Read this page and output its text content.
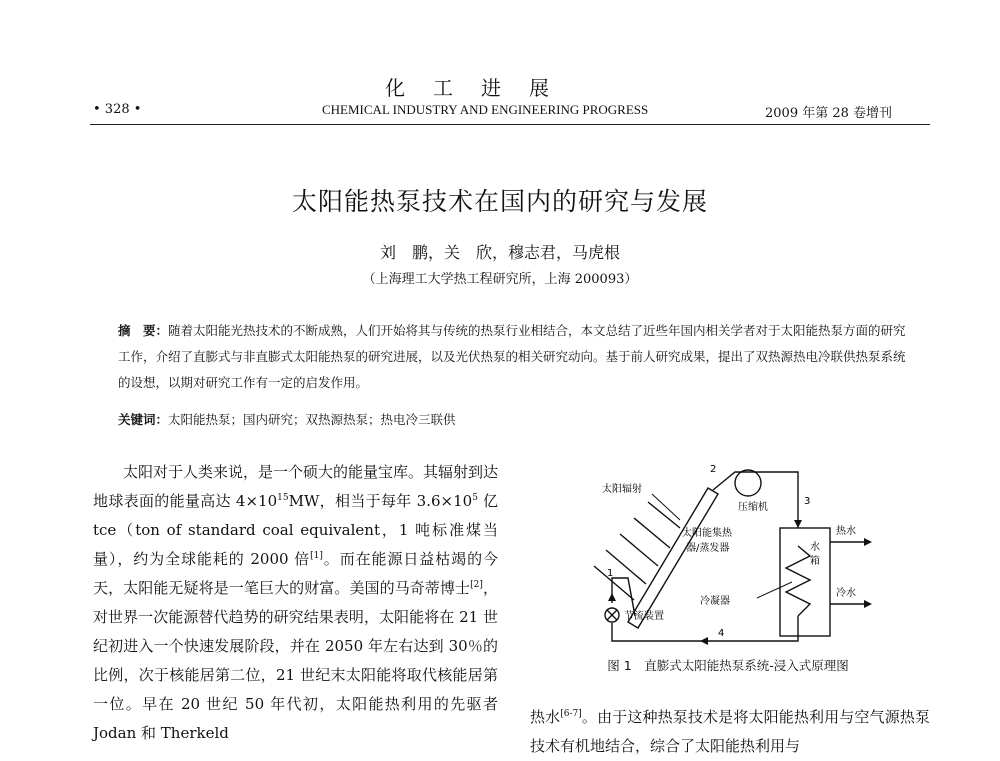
化工进展
• 328 •	CHEMICAL INDUSTRY AND ENGINEERING PROGRESS	2009 年第 28 卷增刊
太阳能热泵技术在国内的研究与发展
刘　鹏，关　欣，穆志君，马虎根
（上海理工大学热工程研究所，上海 200093）
摘　要：随着太阳能光热技术的不断成熟，人们开始将其与传统的热泵行业相结合，本文总结了近些年国内相关学者对于太阳能热泵方面的研究工作，介绍了直膨式与非直膨式太阳能热泵的研究进展，以及光伏热泵的相关研究动向。基于前人研究成果，提出了双热源热电冷联供热泵系统的设想，以期对研究工作有一定的启发作用。
关键词：太阳能热泵；国内研究；双热源热泵；热电冷三联供

太阳对于人类来说，是一个硕大的能量宝库。其辐射到达地球表面的能量高达 $4\times 10^{15}MW$，相当于每年 $3.6\times 10^5$ 亿 tce（ton of standard coal equivalent，1 吨标准煤当量），约为全球能耗的 2000 倍[1]。而在能源日益枯竭的今天，太阳能无疑将是一笔巨大的财富。美国的马奇蒂博士[2]，对世界一次能源替代趋势的研究结果表明，太阳能将在 21 世纪初进入一个快速发展阶段，并在 2050 年左右达到 30％的比例，次于核能居第二位，21 世纪末太阳能将取代核能居第一位。早在 20 世纪 50 年代初，太阳能热利用的先驱者 Jodan 和 Therkeld

太阳辐射
压缩机
太阳能集热
器/蒸发器	水
箱
热水
冷水
冷凝器
节流装置
1
2
3
4
图 1　直膨式太阳能热泵系统-浸入式原理图

热水[6-7]。由于这种热泵技术是将太阳能热利用与空气源热泵技术有机地结合，综合了太阳能热利用与
